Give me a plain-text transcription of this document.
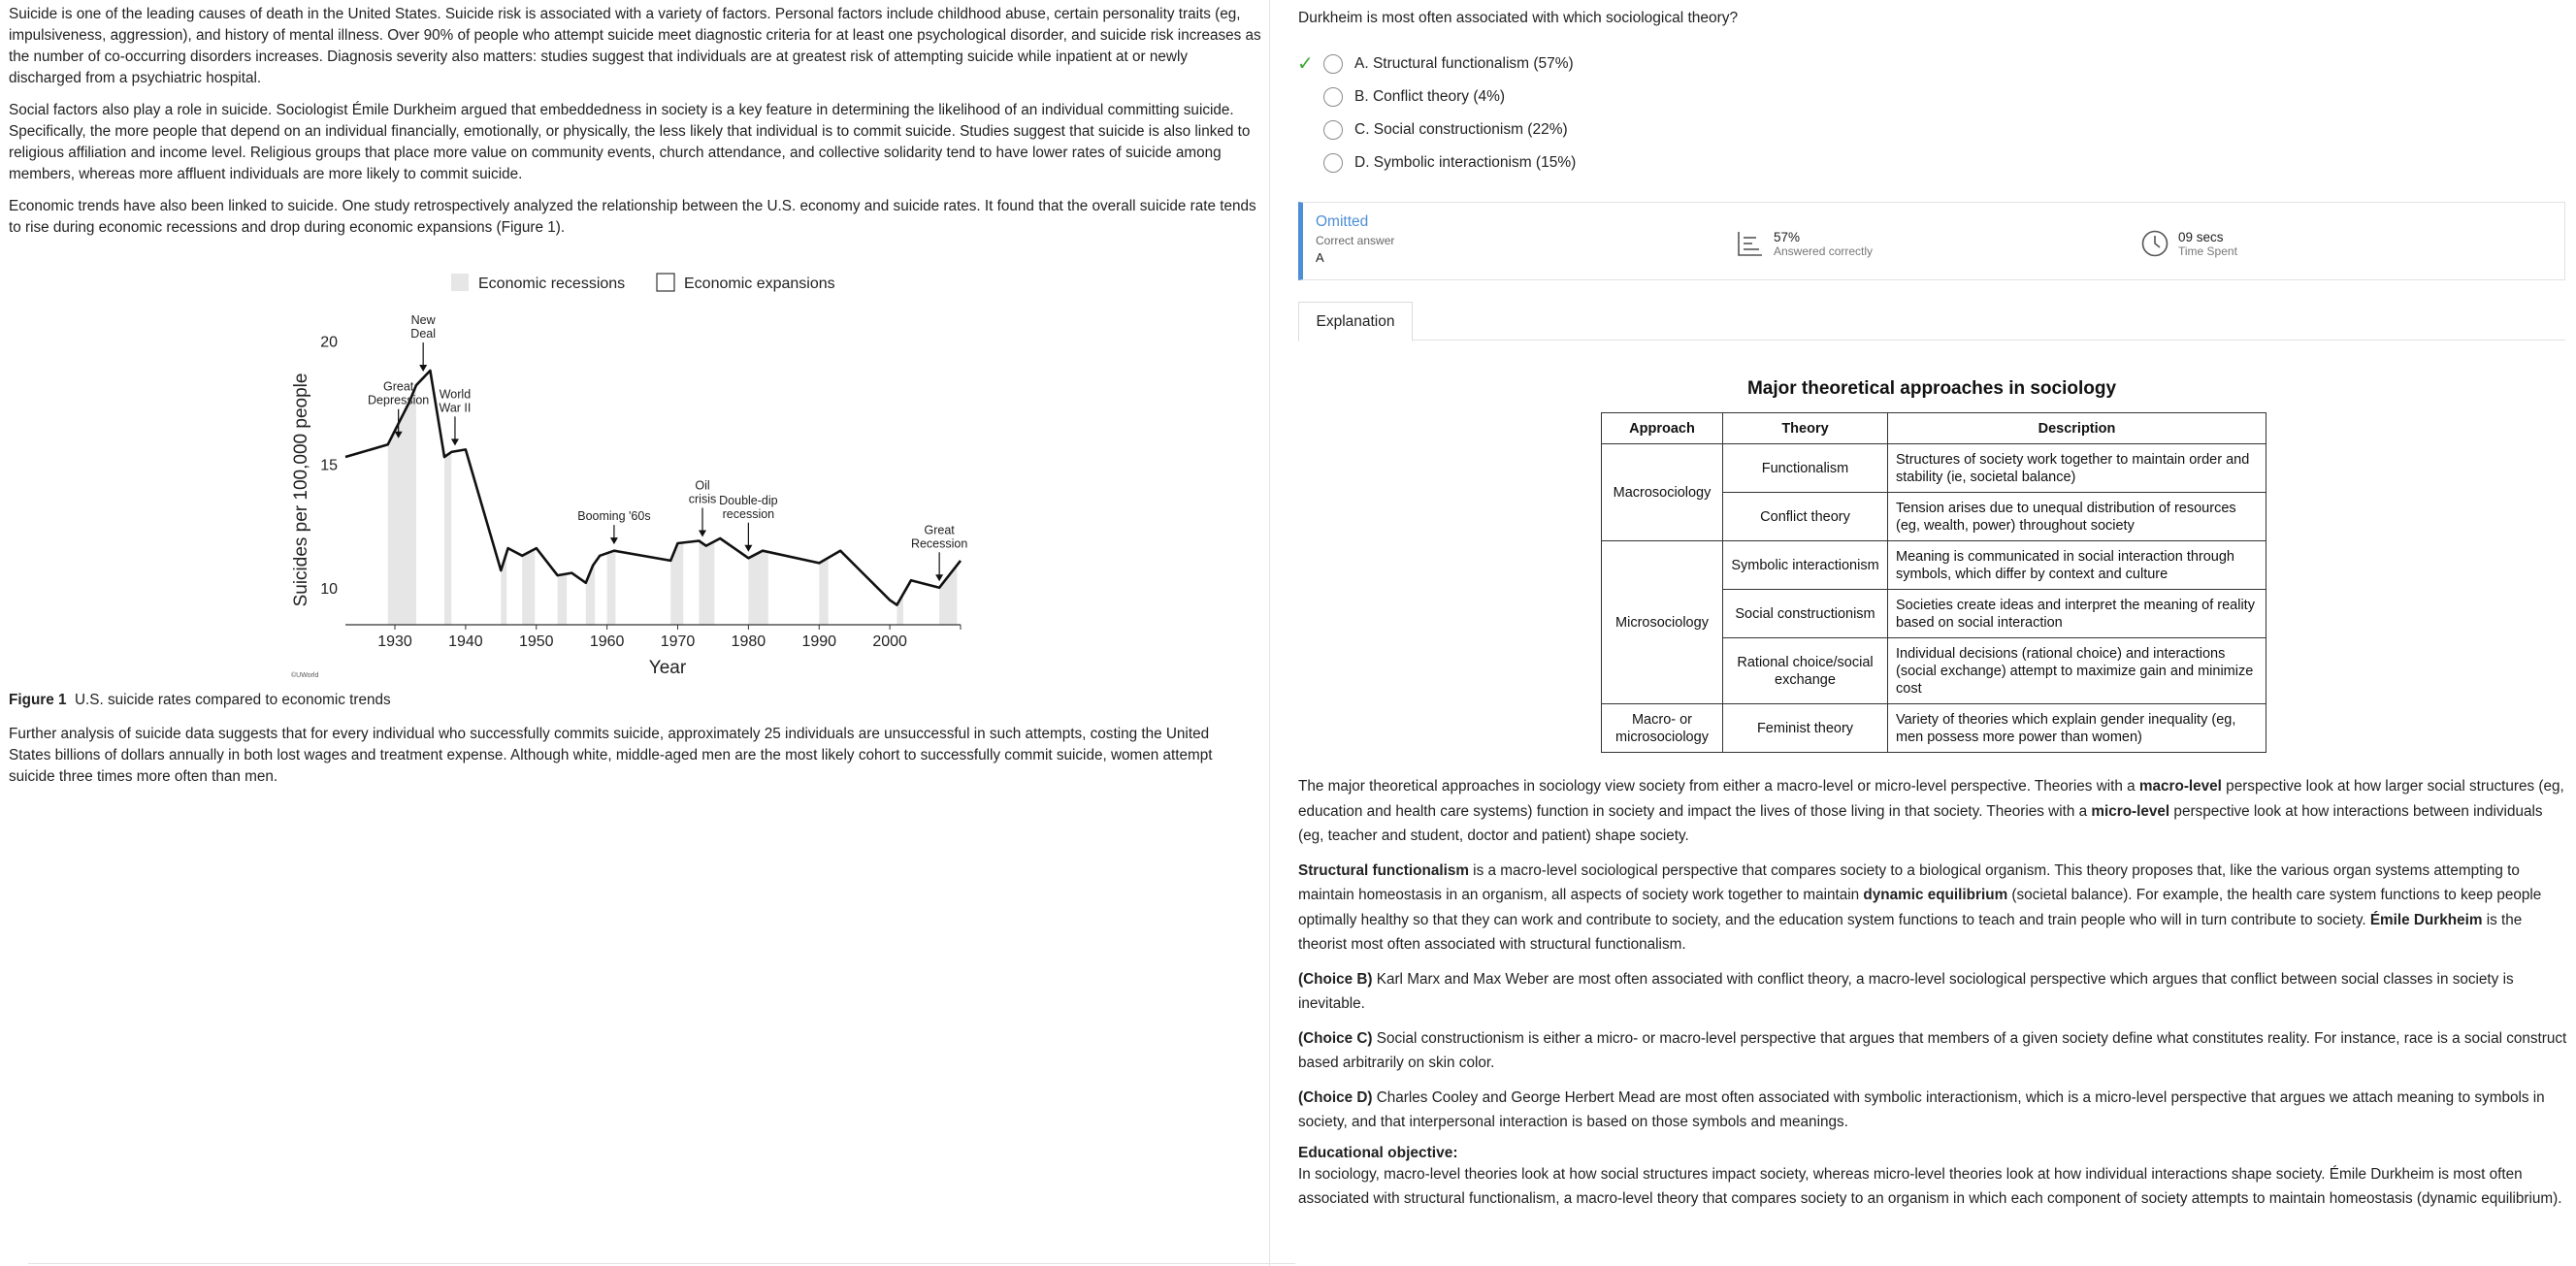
Suicide is one of the leading causes of death in the United States. Suicide risk is associated with a variety of factors. Personal factors include childhood abuse, certain personality traits (eg, impulsiveness, aggression), and history of mental illness. Over 90% of people who attempt suicide meet diagnostic criteria for at least one psychological disorder, and suicide risk increases as the number of co-occurring disorders increases. Diagnosis severity also matters: studies suggest that individuals are at greatest risk of attempting suicide while inpatient at or newly discharged from a psychiatric hospital.

Social factors also play a role in suicide. Sociologist Émile Durkheim argued that embeddedness in society is a key feature in determining the likelihood of an individual committing suicide. Specifically, the more people that depend on an individual financially, emotionally, or physically, the less likely that individual is to commit suicide. Studies suggest that suicide is also linked to religious affiliation and income level. Religious groups that place more value on community events, church attendance, and collective solidarity tend to have lower rates of suicide among members, whereas more affluent individuals are more likely to commit suicide.

Economic trends have also been linked to suicide. One study retrospectively analyzed the relationship between the U.S. economy and suicide rates. It found that the overall suicide rate tends to rise during economic recessions and drop during economic expansions (Figure 1).

Economic recessions	Economic expansions
1930 1940 1950 1960 1970 1980 1990 2000
10
15
20
Year
Suicides per 100,000 people	Great
Depression
New
Deal
World
War II
Booming '60s
Oil
crisis Double-dip
recession
Great
Recession
©UWorld
Figure 1 U.S. suicide rates compared to economic trends

Further analysis of suicide data suggests that for every individual who successfully commits suicide, approximately 25 individuals are unsuccessful in such attempts, costing the United States billions of dollars annually in both lost wages and treatment expense. Although white, middle-aged men are the most likely cohort to successfully commit suicide, women attempt suicide three times more often than men.

Durkheim is most often associated with which sociological theory?
✓	A. Structural functionalism (57%)
B. Conflict theory (4%)
C. Social constructionism (22%)
D. Symbolic interactionism (15%)
Omitted
Correct answer
A
57%
Answered correctly
09 secs
Time Spent
Explanation
Major theoretical approaches in sociology
Approach	Theory	Description
Macrosociology	Functionalism	Structures of society work together to maintain order and stability (ie, societal balance)
	Conflict theory	Tension arises due to unequal distribution of resources (eg, wealth, power) throughout society
Microsociology	Symbolic interactionism	Meaning is communicated in social interaction through symbols, which differ by context and culture
	Social constructionism	Societies create ideas and interpret the meaning of reality based on social interaction
	Rational choice/social exchange	Individual decisions (rational choice) and interactions (social exchange) attempt to maximize gain and minimize cost
Macro- or microsociology	Feminist theory	Variety of theories which explain gender inequality (eg, men possess more power than women)

The major theoretical approaches in sociology view society from either a macro-level or micro-level perspective. Theories with a macro-level perspective look at how larger social structures (eg, education and health care systems) function in society and impact the lives of those living in that society. Theories with a micro-level perspective look at how interactions between individuals (eg, teacher and student, doctor and patient) shape society.

Structural functionalism is a macro-level sociological perspective that compares society to a biological organism. This theory proposes that, like the various organ systems attempting to maintain homeostasis in an organism, all aspects of society work together to maintain dynamic equilibrium (societal balance). For example, the health care system functions to keep people optimally healthy so that they can work and contribute to society, and the education system functions to teach and train people who will in turn contribute to society. Émile Durkheim is the theorist most often associated with structural functionalism.

(Choice B) Karl Marx and Max Weber are most often associated with conflict theory, a macro-level sociological perspective which argues that conflict between social classes in society is inevitable.

(Choice C) Social constructionism is either a micro- or macro-level perspective that argues that members of a given society define what constitutes reality. For instance, race is a social construct based arbitrarily on skin color.

(Choice D) Charles Cooley and George Herbert Mead are most often associated with symbolic interactionism, which is a micro-level perspective that argues we attach meaning to symbols in society, and that interpersonal interaction is based on those symbols and meanings.

Educational objective:

In sociology, macro-level theories look at how social structures impact society, whereas micro-level theories look at how individual interactions shape society. Émile Durkheim is most often associated with structural functionalism, a macro-level theory that compares society to an organism in which each component of society attempts to maintain homeostasis (dynamic equilibrium).
